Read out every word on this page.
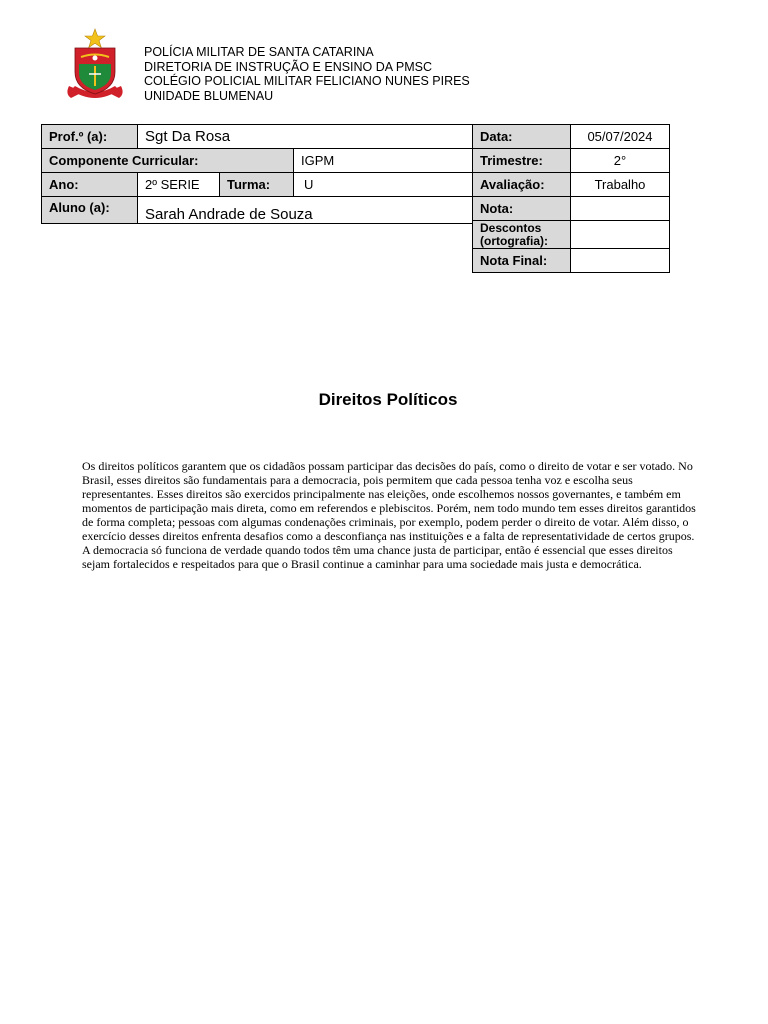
POLÍCIA MILITAR DE SANTA CATARINA
DIRETORIA DE INSTRUÇÃO E ENSINO DA PMSC
COLÉGIO POLICIAL MILITAR FELICIANO NUNES PIRES
UNIDADE BLUMENAU
Prof.º (a):	Sgt Da Rosa		
Componente Curricular:			IGPM
Ano:	2º SERIE	Turma:	U
Aluno (a):	Sarah Andrade de Souza		
Data:	05/07/2024
Trimestre:	2°
Avaliação:	Trabalho
Nota:	
Descontos (ortografia):	
Nota Final:	
Direitos Políticos
Os direitos políticos garantem que os cidadãos possam participar das decisões do país, como o direito de votar e ser votado. No Brasil, esses direitos são fundamentais para a democracia, pois permitem que cada pessoa tenha voz e escolha seus representantes. Esses direitos são exercidos principalmente nas eleições, onde escolhemos nossos governantes, e também em momentos de participação mais direta, como em referendos e plebiscitos. Porém, nem todo mundo tem esses direitos garantidos de forma completa; pessoas com algumas condenações criminais, por exemplo, podem perder o direito de votar. Além disso, o exercício desses direitos enfrenta desafios como a desconfiança nas instituições e a falta de representatividade de certos grupos. A democracia só funciona de verdade quando todos têm uma chance justa de participar, então é essencial que esses direitos sejam fortalecidos e respeitados para que o Brasil continue a caminhar para uma sociedade mais justa e democrática.
